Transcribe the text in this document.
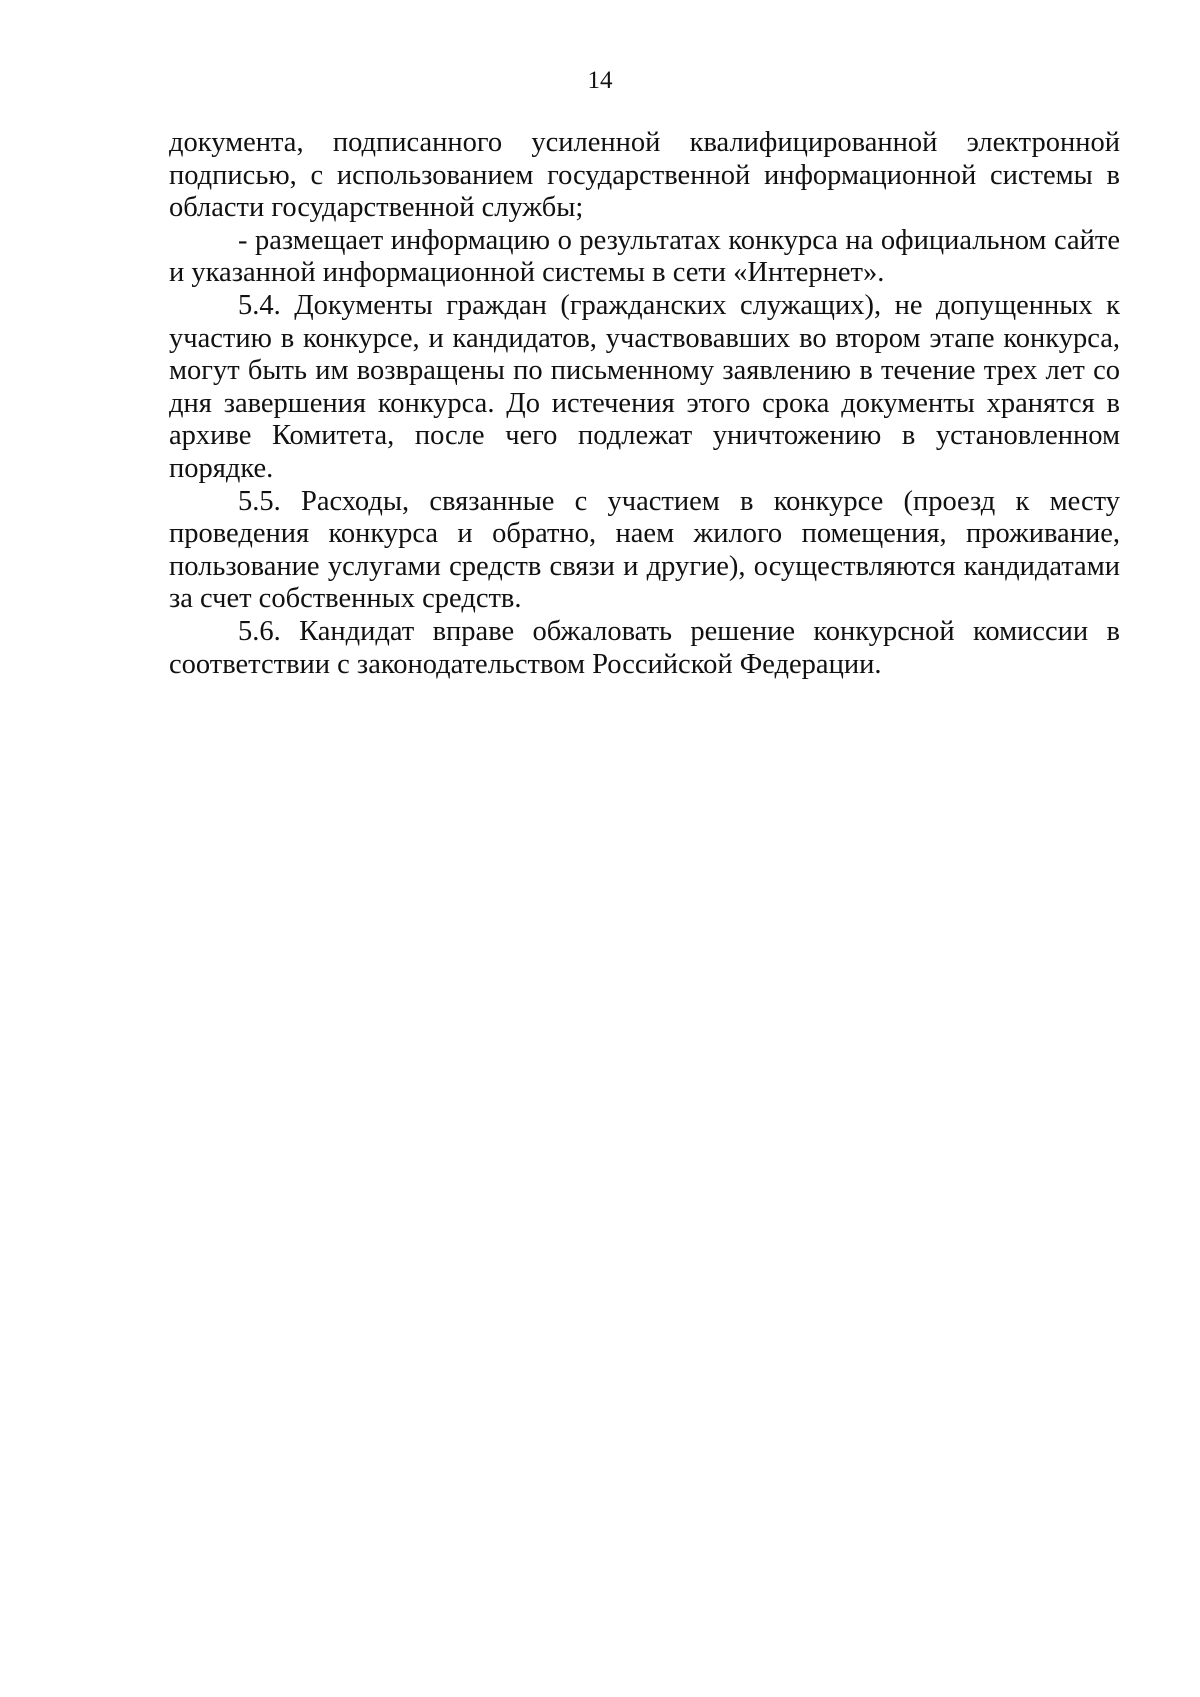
14

документа, подписанного усиленной квалифицированной электронной подписью, с использованием государственной информационной системы в области государственной службы;

- размещает информацию о результатах конкурса на официальном сайте и указанной информационной системы в сети «Интернет».

5.4. Документы граждан (гражданских служащих), не допущенных к участию в конкурсе, и кандидатов, участвовавших во втором этапе конкурса, могут быть им возвращены по письменному заявлению в течение трех лет со дня завершения конкурса. До истечения этого срока документы хранятся в архиве Комитета, после чего подлежат уничтожению в установленном порядке.

5.5. Расходы, связанные с участием в конкурсе (проезд к месту проведения конкурса и обратно, наем жилого помещения, проживание, пользование услугами средств связи и другие), осуществляются кандидатами за счет собственных средств.

5.6. Кандидат вправе обжаловать решение конкурсной комиссии в соответствии с законодательством Российской Федерации.
